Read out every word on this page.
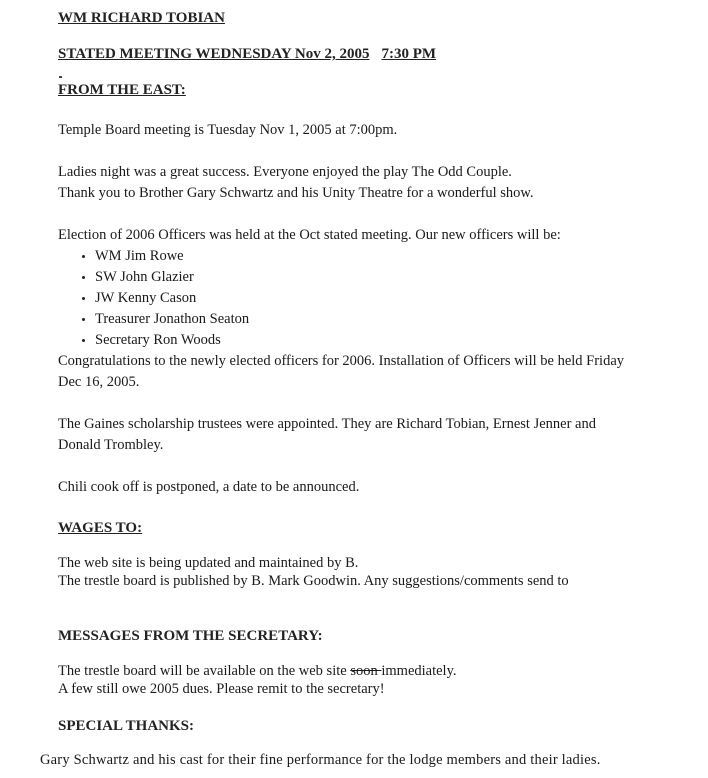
WM RICHARD TOBIAN
STATED MEETING WEDNESDAY Nov 2, 2005 7:30 PM
FROM THE EAST:
Temple Board meeting is Tuesday Nov 1, 2005 at 7:00pm.
Ladies night was a great success. Everyone enjoyed the play The Odd Couple.
Thank you to Brother Gary Schwartz and his Unity Theatre for a wonderful show.
Election of 2006 Officers was held at the Oct stated meeting. Our new officers will be:
WM Jim Rowe
SW John Glazier
JW Kenny Cason
Treasurer Jonathon Seaton
Secretary Ron Woods
Congratulations to the newly elected officers for 2006. Installation of Officers will be held Friday
Dec 16, 2005.
The Gaines scholarship trustees were appointed. They are Richard Tobian, Ernest Jenner and
Donald Trombley.
Chili cook off is postponed, a date to be announced.
WAGES TO:
The web site is being updated and maintained by B.
The trestle board is published by B. Mark Goodwin. Any suggestions/comments send to
MESSAGES FROM THE SECRETARY:
The trestle board will be available on the web site soon immediately.
A few still owe 2005 dues. Please remit to the secretary!
SPECIAL THANKS:
Gary Schwartz and his cast for their fine performance for the lodge members and their ladies.
